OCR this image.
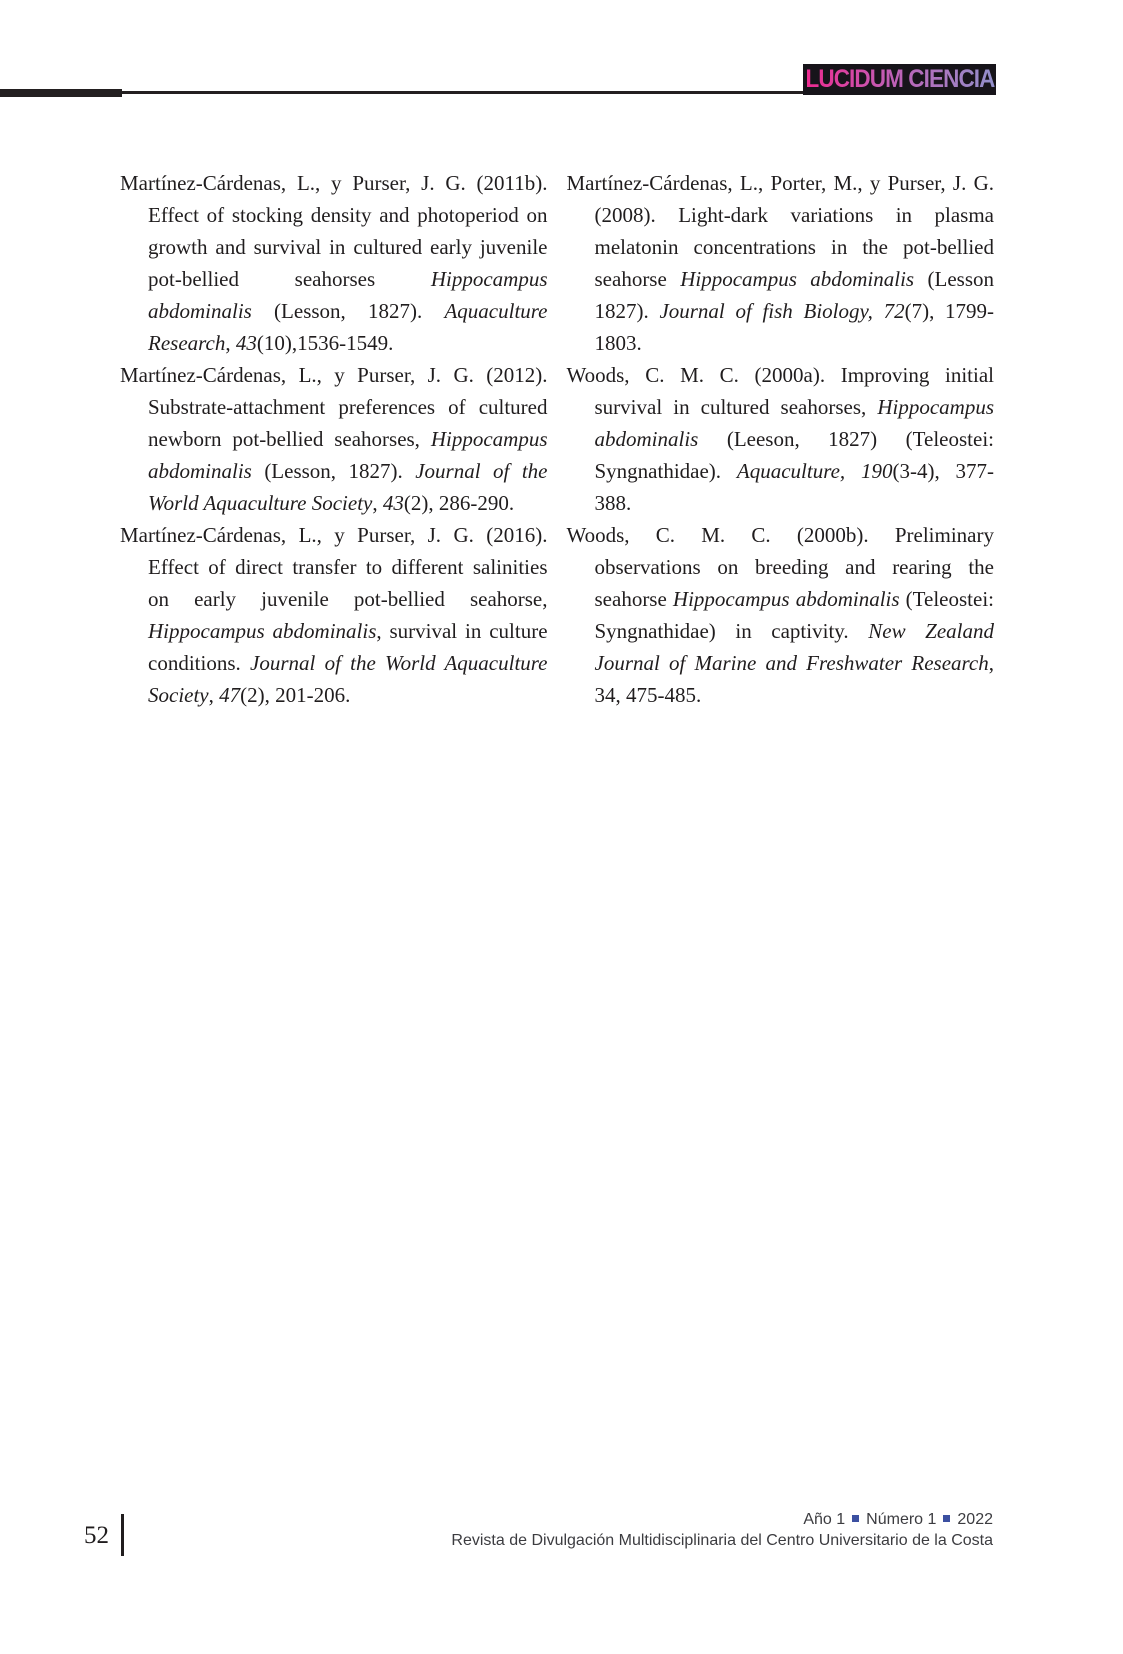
LUCIDUM CIENCIA

Martínez-Cárdenas, L., y Purser, J. G. (2011b). Effect of stocking density and photoperiod on growth and survival in cultured early juvenile pot-bellied seahorses Hippocampus abdominalis (Lesson, 1827). Aquaculture Research, 43(10),1536-1549.

Martínez-Cárdenas, L., y Purser, J. G. (2012). Substrate-attachment preferences of cultured newborn pot-bellied seahorses, Hippocampus abdominalis (Lesson, 1827). Journal of the World Aquaculture Society, 43(2), 286-290.

Martínez-Cárdenas, L., y Purser, J. G. (2016). Effect of direct transfer to different salinities on early juvenile pot-bellied seahorse, Hippocampus abdominalis, survival in culture conditions. Journal of the World Aquaculture Society, 47(2), 201-206.

Martínez-Cárdenas, L., Porter, M., y Purser, J. G. (2008). Light-dark variations in plasma melatonin concentrations in the pot-bellied seahorse Hippocampus abdominalis (Lesson 1827). Journal of fish Biology, 72(7), 1799-1803.

Woods, C. M. C. (2000a). Improving initial survival in cultured seahorses, Hippocampus abdominalis (Leeson, 1827) (Teleostei: Syngnathidae). Aquaculture, 190(3-4), 377-388.

Woods, C. M. C. (2000b). Preliminary observations on breeding and rearing the seahorse Hippocampus abdominalis (Teleostei: Syngnathidae) in captivity. New Zealand Journal of Marine and Freshwater Research, 34, 475-485.

52
Año 1 Número 1 2022
Revista de Divulgación Multidisciplinaria del Centro Universitario de la Costa
